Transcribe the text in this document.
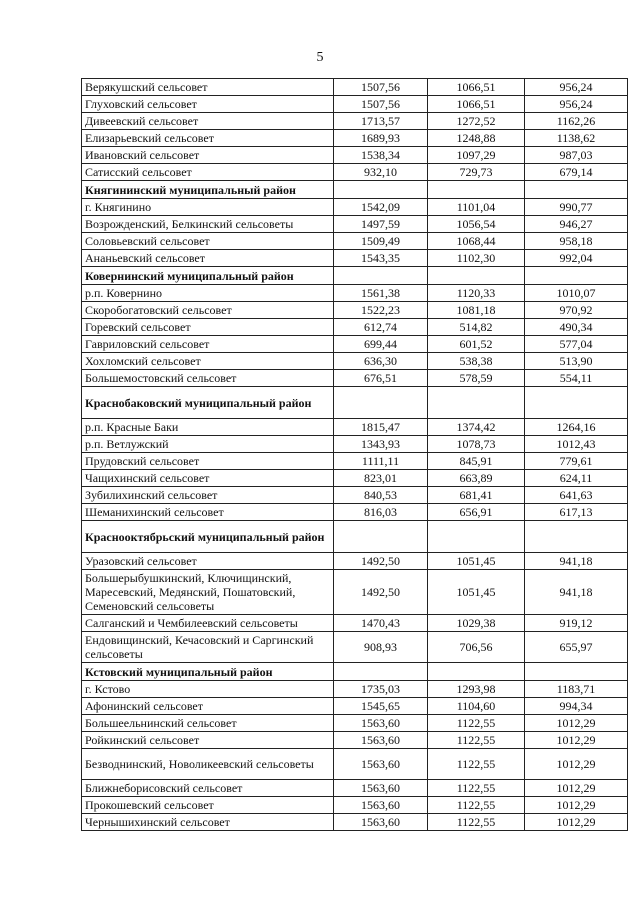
5
Верякушский сельсовет	1507,56	1066,51	956,24
Глуховский сельсовет	1507,56	1066,51	956,24
Дивеевский сельсовет	1713,57	1272,52	1162,26
Елизарьевский сельсовет	1689,93	1248,88	1138,62
Ивановский сельсовет	1538,34	1097,29	987,03
Сатисский сельсовет	932,10	729,73	679,14
Княгининский муниципальный район			
г. Княгинино	1542,09	1101,04	990,77
Возрожденский, Белкинский сельсоветы	1497,59	1056,54	946,27
Соловьевский сельсовет	1509,49	1068,44	958,18
Ананьевский сельсовет	1543,35	1102,30	992,04
Ковернинский муниципальный район			
р.п. Ковернино	1561,38	1120,33	1010,07
Скоробогатовский сельсовет	1522,23	1081,18	970,92
Горевский сельсовет	612,74	514,82	490,34
Гавриловский сельсовет	699,44	601,52	577,04
Хохломский сельсовет	636,30	538,38	513,90
Большемостовский сельсовет	676,51	578,59	554,11
Краснобаковский муниципальный район			
р.п. Красные Баки	1815,47	1374,42	1264,16
р.п. Ветлужский	1343,93	1078,73	1012,43
Прудовский сельсовет	1111,11	845,91	779,61
Чащихинский сельсовет	823,01	663,89	624,11
Зубилихинский сельсовет	840,53	681,41	641,63
Шеманихинский сельсовет	816,03	656,91	617,13
Краснооктябрьский муниципальный район			
Уразовский сельсовет	1492,50	1051,45	941,18
Большерыбушкинский, Ключищинский, Маресевский, Медянский, Пошатовский, Семеновский сельсоветы	1492,50	1051,45	941,18
Салганский и Чембилеевский сельсоветы	1470,43	1029,38	919,12
Ендовищинский, Кечасовский и Саргинский сельсоветы	908,93	706,56	655,97
Кстовский муниципальный район			
г. Кстово	1735,03	1293,98	1183,71
Афонинский сельсовет	1545,65	1104,60	994,34
Большеельнинский сельсовет	1563,60	1122,55	1012,29
Ройкинский сельсовет	1563,60	1122,55	1012,29
Безводнинский, Новоликеевский сельсоветы	1563,60	1122,55	1012,29
Ближнеборисовский сельсовет	1563,60	1122,55	1012,29
Прокошевский сельсовет	1563,60	1122,55	1012,29
Чернышихинский сельсовет	1563,60	1122,55	1012,29
